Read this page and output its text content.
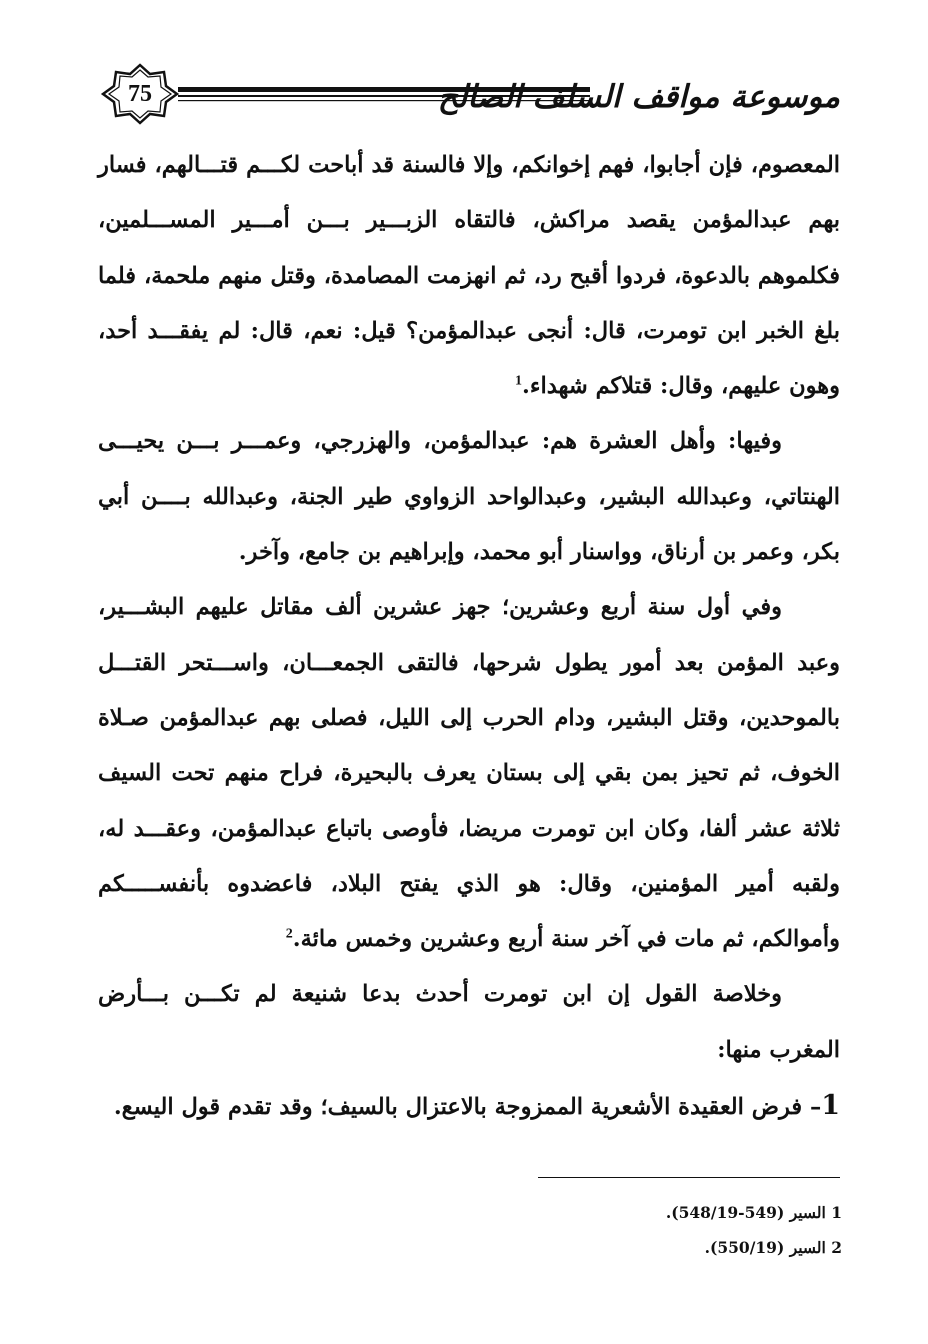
75	موسوعة مواقف السلف الصالح

المعصوم، فإن أجابوا، فهم إخوانكم، وإلا فالسنة قد أباحت لكـــم قتـــالهم، فسار بهم عبدالمؤمن يقصد مراكش، فالتقاه الزبـــير بـــن أمـــير المســـلمين، فكلموهم بالدعوة، فردوا أقبح رد، ثم انهزمت المصامدة، وقتل منهم ملحمة، فلما بلغ الخبر ابن تومرت، قال: أنجى عبدالمؤمن؟ قيل: نعم، قال: لم يفقـــد أحد، وهون عليهم، وقال: قتلاكم شهداء.$^1$

وفيها: وأهل العشرة هم: عبدالمؤمن، والهزرجي، وعمـــر بـــن يحيـــى الهنتاتي، وعبدالله البشير، وعبدالواحد الزواوي طير الجنة، وعبدالله بــــن أبي بكر، وعمر بن أرناق، وواسنار أبو محمد، وإبراهيم بن جامع، وآخر.

وفي أول سنة أربع وعشرين؛ جهز عشرين ألف مقاتل عليهم البشـــير، وعبد المؤمن بعد أمور يطول شرحها، فالتقى الجمعـــان، واســـتحر القتـــل بالموحدين، وقتل البشير، ودام الحرب إلى الليل، فصلى بهم عبدالمؤمن صـلاة الخوف، ثم تحيز بمن بقي إلى بستان يعرف بالبحيرة، فراح منهم تحت السيف ثلاثة عشر ألفا، وكان ابن تومرت مريضا، فأوصى باتباع عبدالمؤمن، وعقـــد له، ولقبه أمير المؤمنين، وقال: هو الذي يفتح البلاد، فاعضدوه بأنفســـــكم وأموالكم، ثم مات في آخر سنة أربع وعشرين وخمس مائة.$^2$

وخلاصة القول إن ابن تومرت أحدث بدعا شنيعة لم تكـــن بـــأرض المغرب منها:

1– فرض العقيدة الأشعرية الممزوجة بالاعتزال بالسيف؛ وقد تقدم قول اليسع.

1 السير (549-548/19).

2 السير (550/19).
